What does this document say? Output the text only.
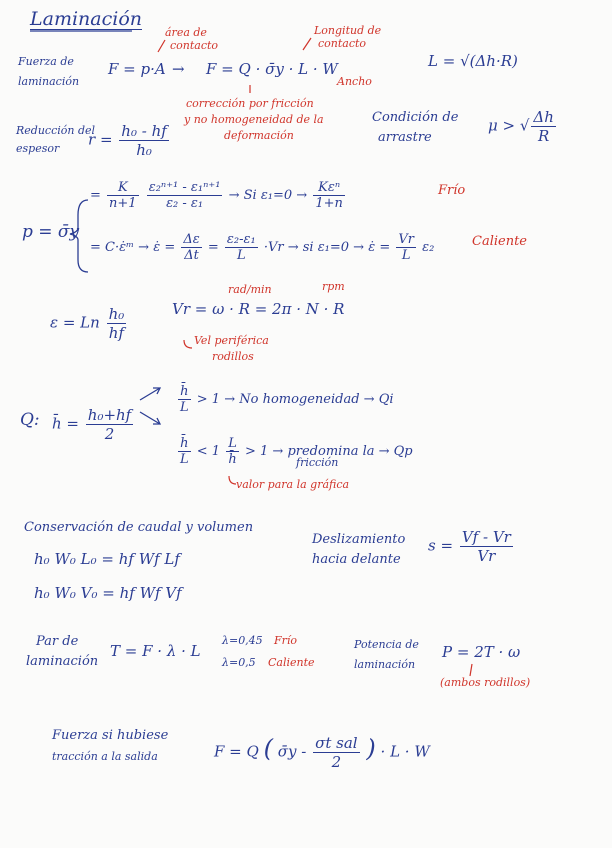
Laminación
Fuerza de
laminación
F = p·A → F = Q · σ̄y · L · W
área de
contacto
Longitud de
contacto
Ancho
corrección por fricción
y no homogeneidad de la
deformación
L = √(Δh·R)
Reducción del
espesor $r = \frac{\text{h₀ - hf}}{\text{h₀}}$
Condición de
arrastre
μ > √ $\frac{\Delta h}{R}$
p = σ̄y
= $\frac{K}{n+1}$
$\frac{\text{ε₂ⁿ⁺¹ - ε₁ⁿ⁺¹}}{\text{ε₂ - ε₁}} \to Si$ $\varepsilon_1=0 \to \frac{\text{Kεⁿ}}{1+n}$	Frío
= C·ε̇ᵐ → ε̇ = $\frac{\Delta\varepsilon}{\Delta t} = \frac{\text{ε₂-ε₁}}{L} \cdot Vr$ → si ε₁=0 → ε̇ = $\frac{Vr}{L} \varepsilon_2$	Caliente
ε = Ln $\frac{\text{h₀}}{hf}$	Vr = ω · R = 2π · N · R
rad/min	rpm
Vel periférica
rodillos
Q: h̄ = $\frac{\text{h₀+hf}}{2}$
$\frac{h̄}{L} > 1 \to No$ homogeneidad → Qi
$\frac{h̄}{L} < 1 \frac{L}{h̄} > 1$ → predomina la → Qp
fricción
valor para la gráfica
Conservación de caudal y volumen
h₀ W₀ L₀ = hf Wf Lf
h₀ W₀ V₀ = hf Wf Vf
Deslizamiento
hacia delante
$s = \frac{Vf - Vr}{Vr}$
Par de
laminación
T = F · λ · L
λ=0,45 Frío
λ=0,5 Caliente
Potencia de
laminación
P = 2T · ω
(ambos rodillos)
Fuerza si hubiese
tracción a la salida	F = Q ( σ̄y - $\frac{\text{σt sal}}{2}$ ) · L · W
